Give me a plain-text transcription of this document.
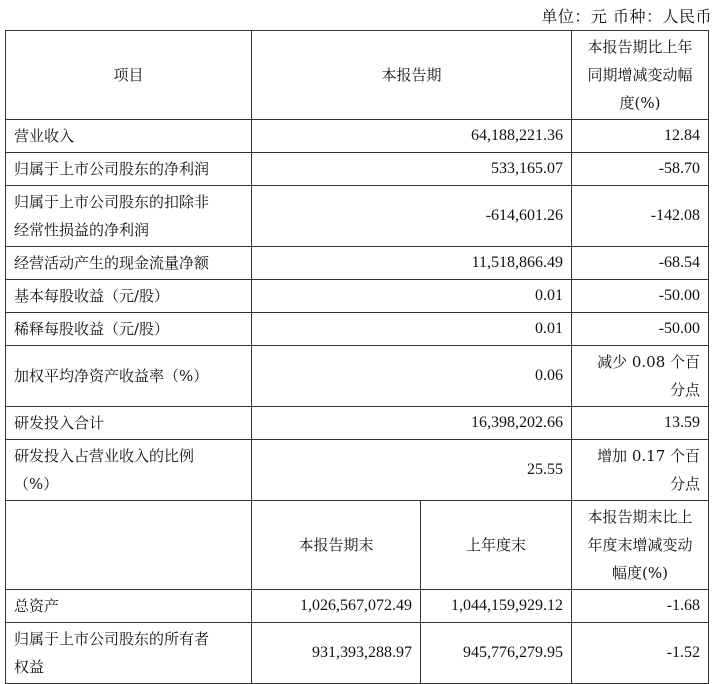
单位：元 币种：人民币
项目	本报告期		本报告期比上年
同期增减变动幅
度(%)
营业收入	64,188,221.36		12.84
归属于上市公司股东的净利润	533,165.07		-58.70
归属于上市公司股东的扣除非
经常性损益的净利润	-614,601.26		-142.08
经营活动产生的现金流量净额	11,518,866.49		-68.54
基本每股收益（元/股）	0.01		-50.00
稀释每股收益（元/股）	0.01		-50.00
加权平均净资产收益率（%）	0.06		减少 0.08 个百
分点
研发投入合计	16,398,202.66		13.59
研发投入占营业收入的比例
（%）	25.55		增加 0.17 个百
分点
	本报告期末	上年度末	本报告期末比上
年度末增减变动
幅度(%)
总资产	1,026,567,072.49	1,044,159,929.12	-1.68
归属于上市公司股东的所有者
权益	931,393,288.97	945,776,279.95	-1.52
